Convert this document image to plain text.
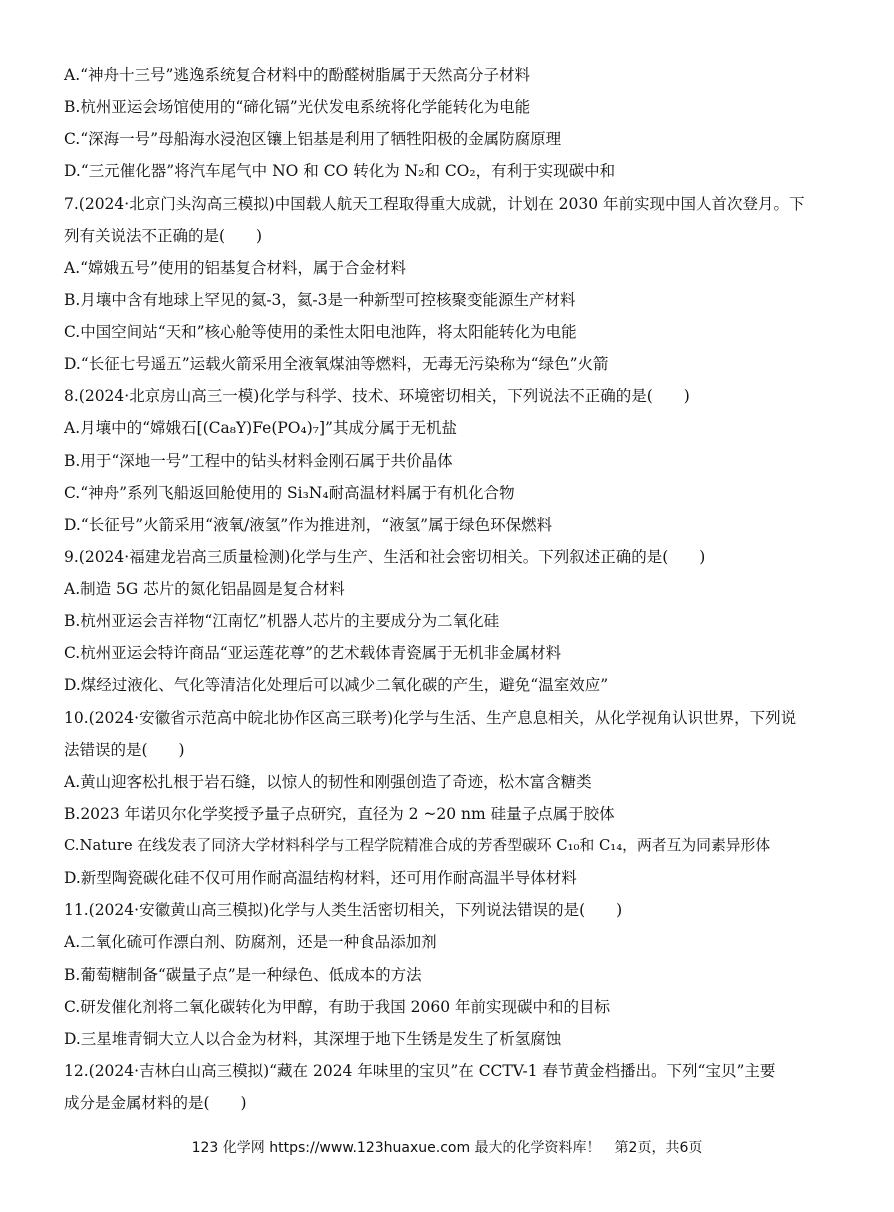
A.“神舟十三号”逃逸系统复合材料中的酚醛树脂属于天然高分子材料
B.杭州亚运会场馆使用的“碲化镉”光伏发电系统将化学能转化为电能
C.“深海一号”母船海水浸泡区镶上铝基是利用了牺牲阳极的金属防腐原理
D.“三元催化器”将汽车尾气中 NO 和 CO 转化为 N₂和 CO₂，有利于实现碳中和
7.(2024·北京门头沟高三模拟)中国载人航天工程取得重大成就，计划在 2030 年前实现中国人首次登月。下
列有关说法不正确的是(　　)
A.“嫦娥五号”使用的铝基复合材料，属于合金材料
B.月壤中含有地球上罕见的氦-3，氦-3是一种新型可控核聚变能源生产材料
C.中国空间站“天和”核心舱等使用的柔性太阳电池阵，将太阳能转化为电能
D.“长征七号遥五”运载火箭采用全液氧煤油等燃料，无毒无污染称为“绿色”火箭
8.(2024·北京房山高三一模)化学与科学、技术、环境密切相关，下列说法不正确的是(　　)
A.月壤中的“嫦娥石[(Ca₈Y)Fe(PO₄)₇]”其成分属于无机盐
B.用于“深地一号”工程中的钻头材料金刚石属于共价晶体
C.“神舟”系列飞船返回舱使用的 Si₃N₄耐高温材料属于有机化合物
D.“长征号”火箭采用“液氧/液氢”作为推进剂，“液氢”属于绿色环保燃料
9.(2024·福建龙岩高三质量检测)化学与生产、生活和社会密切相关。下列叙述正确的是(　　)
A.制造 5G 芯片的氮化铝晶圆是复合材料
B.杭州亚运会吉祥物“江南忆”机器人芯片的主要成分为二氧化硅
C.杭州亚运会特许商品“亚运莲花尊”的艺术载体青瓷属于无机非金属材料
D.煤经过液化、气化等清洁化处理后可以减少二氧化碳的产生，避免“温室效应”
10.(2024·安徽省示范高中皖北协作区高三联考)化学与生活、生产息息相关，从化学视角认识世界，下列说
法错误的是(　　)
A.黄山迎客松扎根于岩石缝，以惊人的韧性和刚强创造了奇迹，松木富含糖类
B.2023 年诺贝尔化学奖授予量子点研究，直径为 2 ~20 nm 硅量子点属于胶体
C.Nature 在线发表了同济大学材料科学与工程学院精准合成的芳香型碳环 C₁₀和 C₁₄，两者互为同素异形体
D.新型陶瓷碳化硅不仅可用作耐高温结构材料，还可用作耐高温半导体材料
11.(2024·安徽黄山高三模拟)化学与人类生活密切相关，下列说法错误的是(　　)
A.二氧化硫可作漂白剂、防腐剂，还是一种食品添加剂
B.葡萄糖制备“碳量子点”是一种绿色、低成本的方法
C.研发催化剂将二氧化碳转化为甲醇，有助于我国 2060 年前实现碳中和的目标
D.三星堆青铜大立人以合金为材料，其深埋于地下生锈是发生了析氢腐蚀
12.(2024·吉林白山高三模拟)“藏在 2024 年味里的宝贝”在 CCTV-1 春节黄金档播出。下列“宝贝”主要
成分是金属材料的是(　　)
123 化学网 https://www.123huaxue.com 最大的化学资料库！　第2页，共6页
